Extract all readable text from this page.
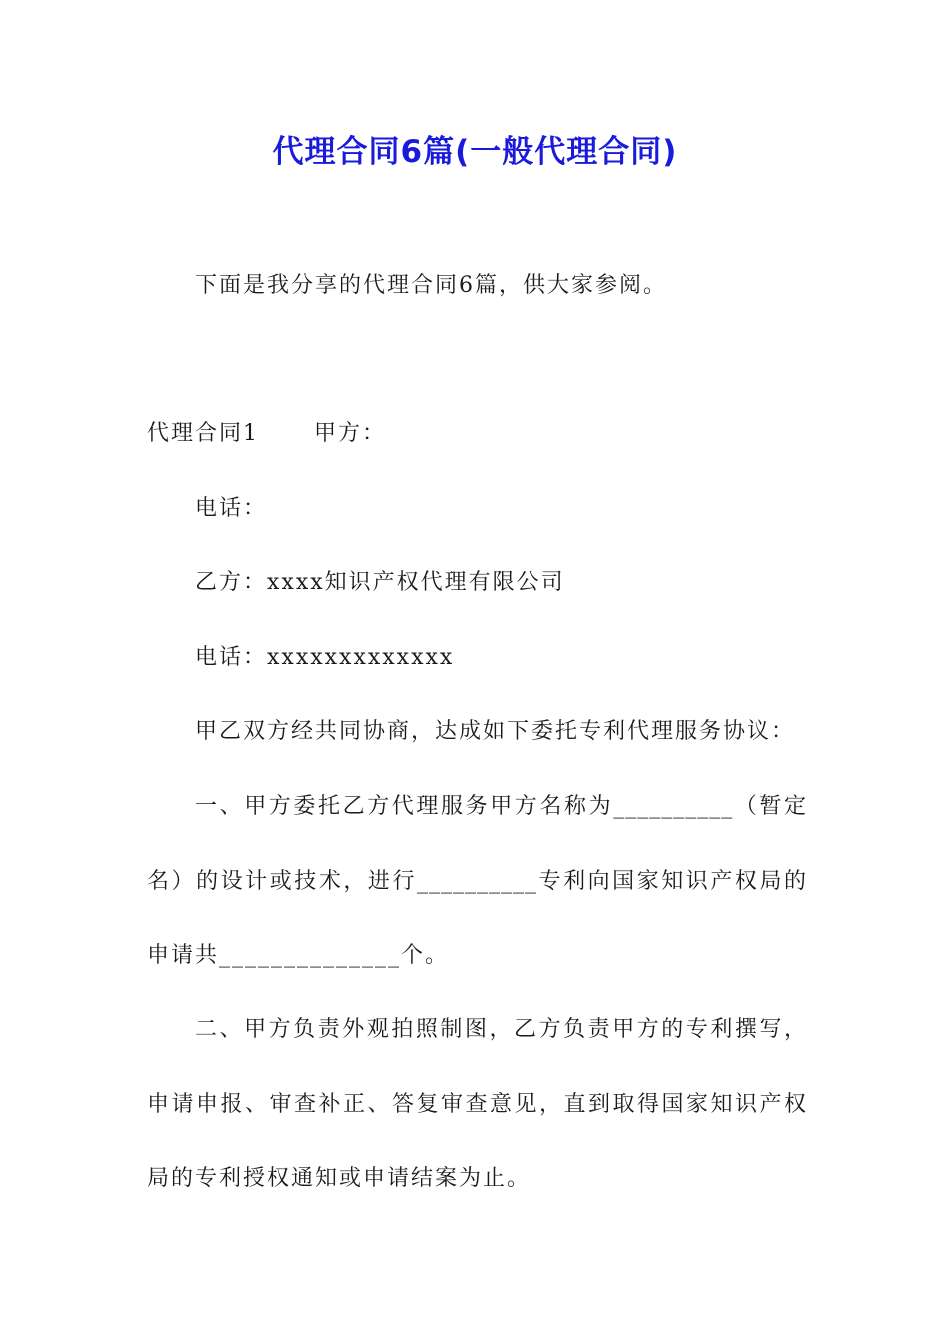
代理合同6篇(一般代理合同)
下面是我分享的代理合同6篇，供大家参阅。
代理合同1	甲方：
电话：
乙方：xxxx知识产权代理有限公司
电话：xxxxxxxxxxxxx
甲乙双方经共同协商，达成如下委托专利代理服务协议：
一、甲方委托乙方代理服务甲方名称为__________（暂定
名）的设计或技术，进行__________专利向国家知识产权局的
申请共______________个。
二、甲方负责外观拍照制图，乙方负责甲方的专利撰写，
申请申报、审查补正、答复审查意见，直到取得国家知识产权
局的专利授权通知或申请结案为止。
